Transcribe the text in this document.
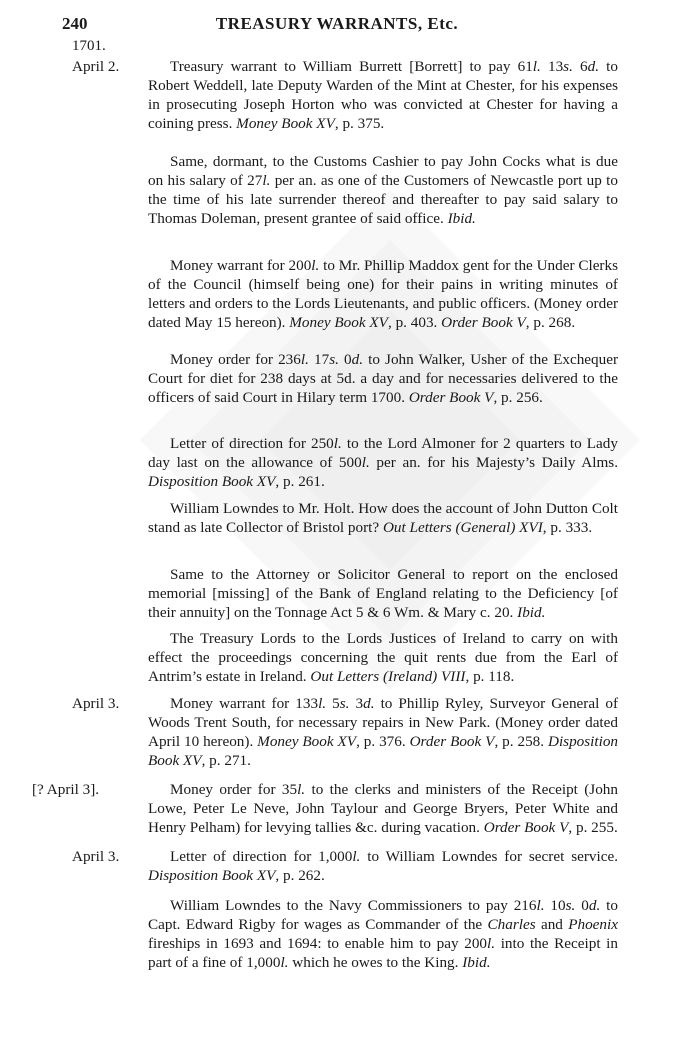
240	TREASURY WARRANTS, Etc.
1701.
April 2.	Treasury warrant to William Burrett [Borrett] to pay 61l. 13s. 6d. to Robert Weddell, late Deputy Warden of the Mint at Chester, for his expenses in prosecuting Joseph Horton who was convicted at Chester for having a coining press. Money Book XV, p. 375.

Same, dormant, to the Customs Cashier to pay John Cocks what is due on his salary of 27l. per an. as one of the Customers of Newcastle port up to the time of his late surrender thereof and thereafter to pay said salary to Thomas Doleman, present grantee of said office. Ibid.

Money warrant for 200l. to Mr. Phillip Maddox gent for the Under Clerks of the Council (himself being one) for their pains in writing minutes of letters and orders to the Lords Lieutenants, and public officers. (Money order dated May 15 hereon). Money Book XV, p. 403. Order Book V, p. 268.

Money order for 236l. 17s. 0d. to John Walker, Usher of the Exchequer Court for diet for 238 days at 5d. a day and for necessaries delivered to the officers of said Court in Hilary term 1700. Order Book V, p. 256.

Letter of direction for 250l. to the Lord Almoner for 2 quarters to Lady day last on the allowance of 500l. per an. for his Majesty’s Daily Alms. Disposition Book XV, p. 261.

William Lowndes to Mr. Holt. How does the account of John Dutton Colt stand as late Collector of Bristol port? Out Letters (General) XVI, p. 333.

Same to the Attorney or Solicitor General to report on the enclosed memorial [missing] of the Bank of England relating to the Deficiency [of their annuity] on the Tonnage Act 5 & 6 Wm. & Mary c. 20. Ibid.

The Treasury Lords to the Lords Justices of Ireland to carry on with effect the proceedings concerning the quit rents due from the Earl of Antrim’s estate in Ireland. Out Letters (Ireland) VIII, p. 118.

April 3.	Money warrant for 133l. 5s. 3d. to Phillip Ryley, Surveyor General of Woods Trent South, for necessary repairs in New Park. (Money order dated April 10 hereon). Money Book XV, p. 376. Order Book V, p. 258. Disposition Book XV, p. 271.

[? April 3].	Money order for 35l. to the clerks and ministers of the Receipt (John Lowe, Peter Le Neve, John Taylour and George Bryers, Peter White and Henry Pelham) for levying tallies &c. during vacation. Order Book V, p. 255.

April 3.	Letter of direction for 1,000l. to William Lowndes for secret service. Disposition Book XV, p. 262.

William Lowndes to the Navy Commissioners to pay 216l. 10s. 0d. to Capt. Edward Rigby for wages as Commander of the Charles and Phoenix fireships in 1693 and 1694: to enable him to pay 200l. into the Receipt in part of a fine of 1,000l. which he owes to the King. Ibid.
